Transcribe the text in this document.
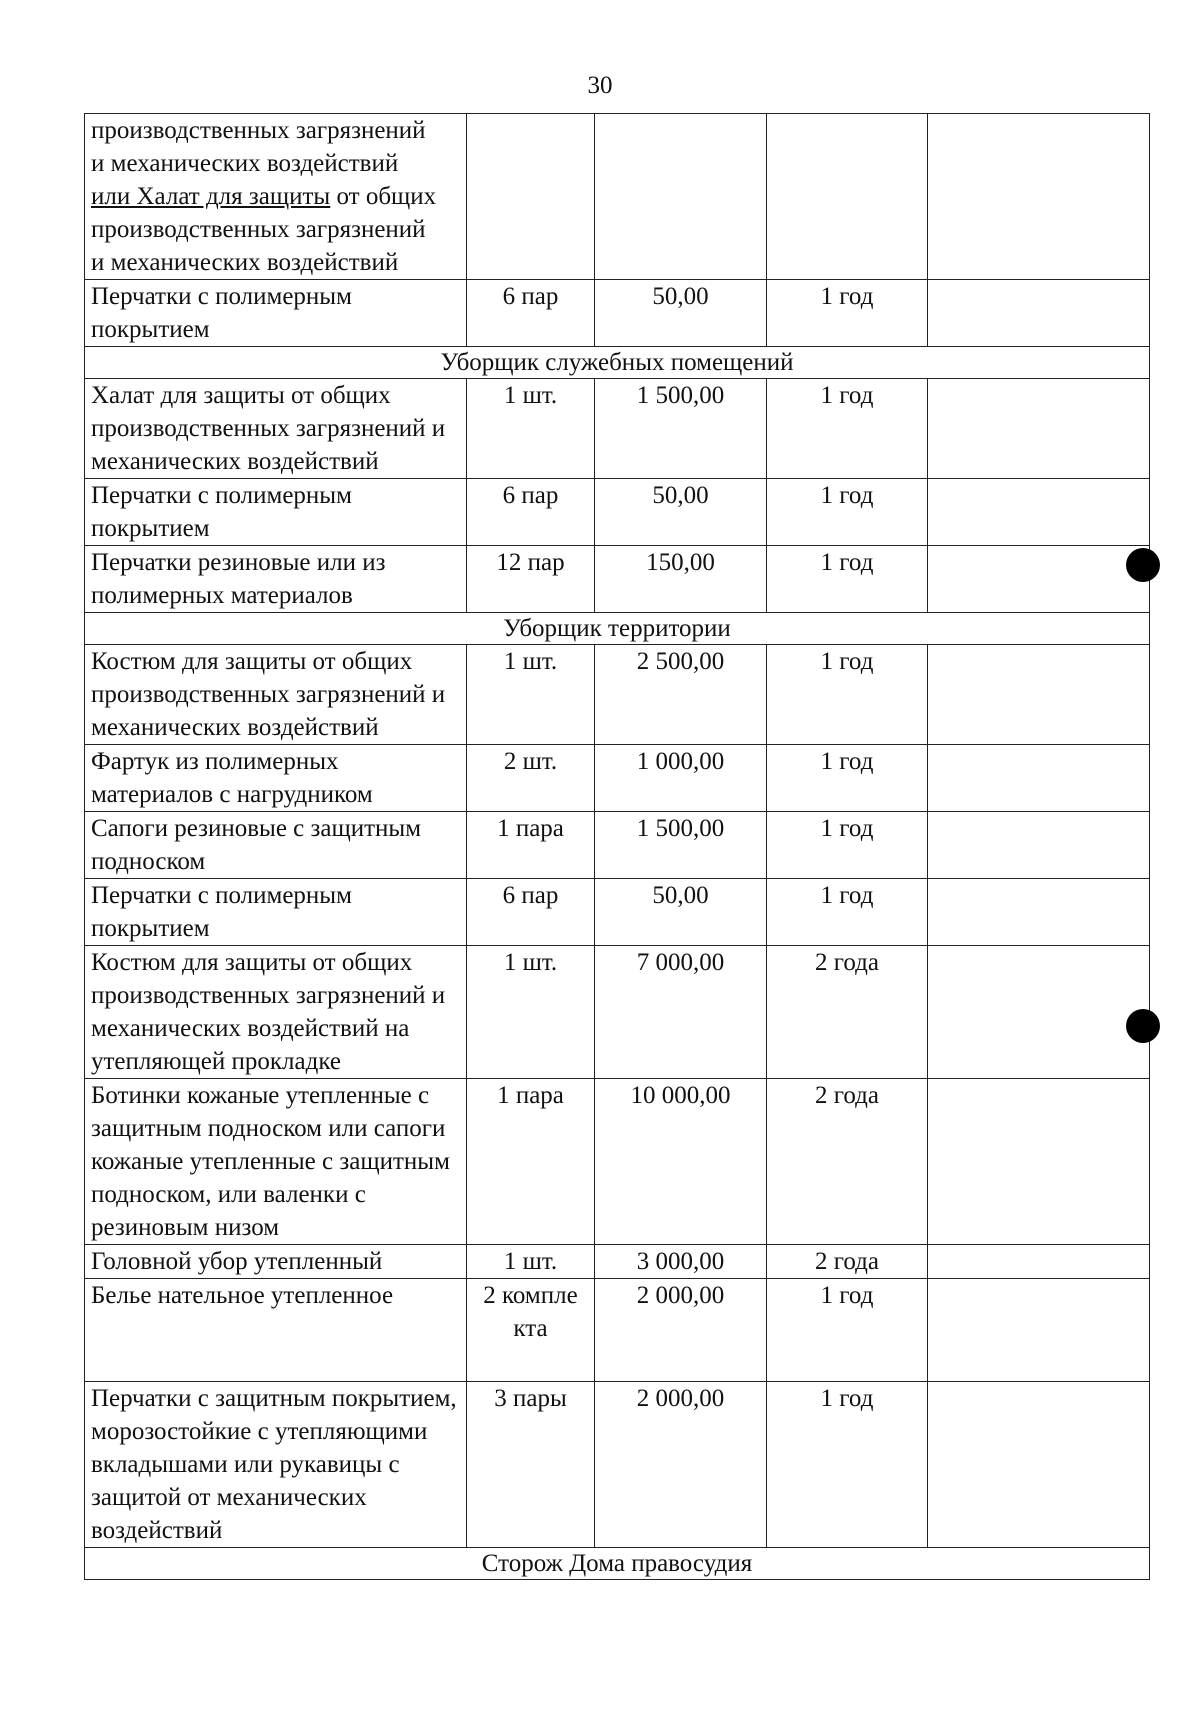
30
производственных загрязнений
и механических воздействий
или Халат для защиты от общих
производственных загрязнений
и механических воздействий				
Перчатки с полимерным покрытием	6 пар	50,00	1 год	
Уборщик служебных помещений				
Халат для защиты от общих производственных загрязнений и механических воздействий	1 шт.	1 500,00	1 год	
Перчатки с полимерным покрытием	6 пар	50,00	1 год	
Перчатки резиновые или из полимерных материалов	12 пар	150,00	1 год	
Уборщик территории				
Костюм для защиты от общих производственных загрязнений и механических воздействий	1 шт.	2 500,00	1 год	
Фартук из полимерных материалов с нагрудником	2 шт.	1 000,00	1 год	
Сапоги резиновые с защитным подноском	1 пара	1 500,00	1 год	
Перчатки с полимерным покрытием	6 пар	50,00	1 год	
Костюм для защиты от общих производственных загрязнений и механических воздействий на утепляющей прокладке	1 шт.	7 000,00	2 года	
Ботинки кожаные утепленные с защитным подноском или сапоги кожаные утепленные с защитным подноском, или валенки с резиновым низом	1 пара	10 000,00	2 года	
Головной убор утепленный	1 шт.	3 000,00	2 года	
Белье нательное утепленное	2 комплекта	2 000,00	1 год	
Перчатки с защитным покрытием, морозостойкие с утепляющими вкладышами или рукавицы с защитой от механических воздействий	3 пары	2 000,00	1 год	
Сторож Дома правосудия				
